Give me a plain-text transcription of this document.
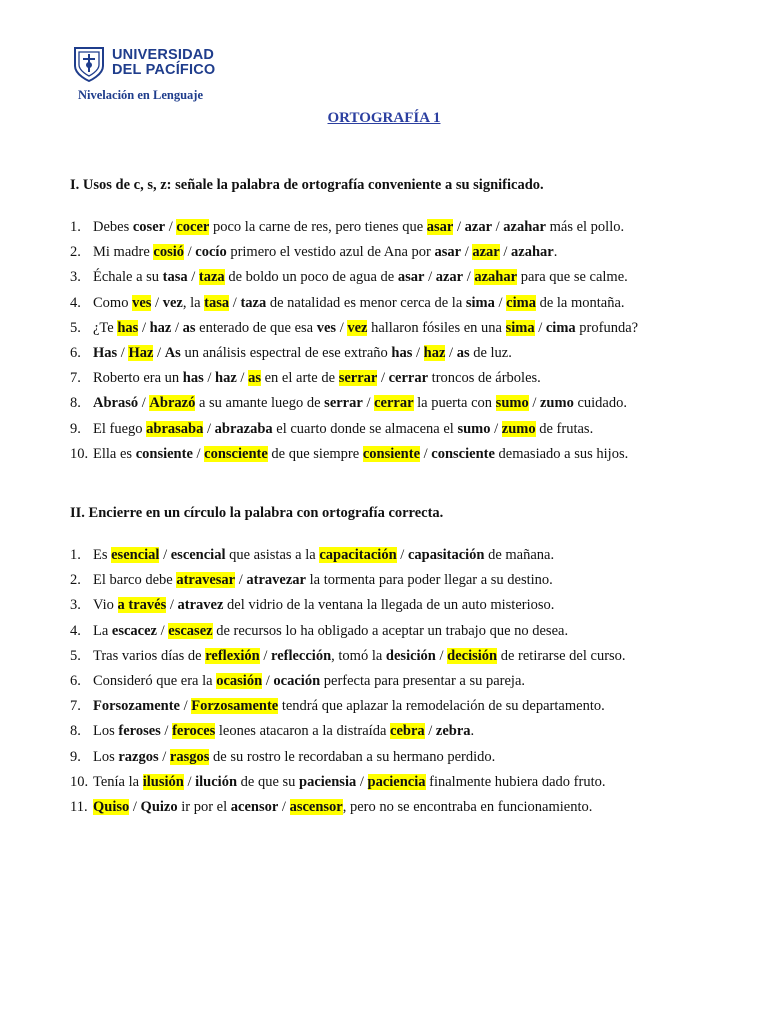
UNIVERSIDAD
DEL PACÍFICO
Nivelación en Lenguaje
ORTOGRAFÍA 1

I. Usos de c, s, z: señale la palabra de ortografía conveniente a su significado.

1. Debes coser / cocer poco la carne de res, pero tienes que asar / azar / azahar más el pollo.
2. Mi madre cosió / cocío primero el vestido azul de Ana por asar / azar / azahar.
3. Échale a su tasa / taza de boldo un poco de agua de asar / azar / azahar para que se calme.
4. Como ves / vez, la tasa / taza de natalidad es menor cerca de la sima / cima de la montaña.
5. ¿Te has / haz / as enterado de que esa ves / vez hallaron fósiles en una sima / cima profunda?
6. Has / Haz / As un análisis espectral de ese extraño has / haz / as de luz.
7. Roberto era un has / haz / as en el arte de serrar / cerrar troncos de árboles.
8. Abrasó / Abrazó a su amante luego de serrar / cerrar la puerta con sumo / zumo cuidado.
9. El fuego abrasaba / abrazaba el cuarto donde se almacena el sumo / zumo de frutas.
10. Ella es consiente / consciente de que siempre consiente / consciente demasiado a sus hijos.

II. Encierre en un círculo la palabra con ortografía correcta.

1. Es esencial / escencial que asistas a la capacitación / capasitación de mañana.
2. El barco debe atravesar / atravezar la tormenta para poder llegar a su destino.
3. Vio a través / atravez del vidrio de la ventana la llegada de un auto misterioso.
4. La escacez / escasez de recursos lo ha obligado a aceptar un trabajo que no desea.
5. Tras varios días de reflexión / reflección, tomó la desición / decisión de retirarse del curso.
6. Consideró que era la ocasión / ocación perfecta para presentar a su pareja.
7. Forsozamente / Forzosamente tendrá que aplazar la remodelación de su departamento.
8. Los feroses / feroces leones atacaron a la distraída cebra / zebra.
9. Los razgos / rasgos de su rostro le recordaban a su hermano perdido.
10. Tenía la ilusión / ilución de que su paciensia / paciencia finalmente hubiera dado fruto.
11. Quiso / Quizo ir por el acensor / ascensor, pero no se encontraba en funcionamiento.
